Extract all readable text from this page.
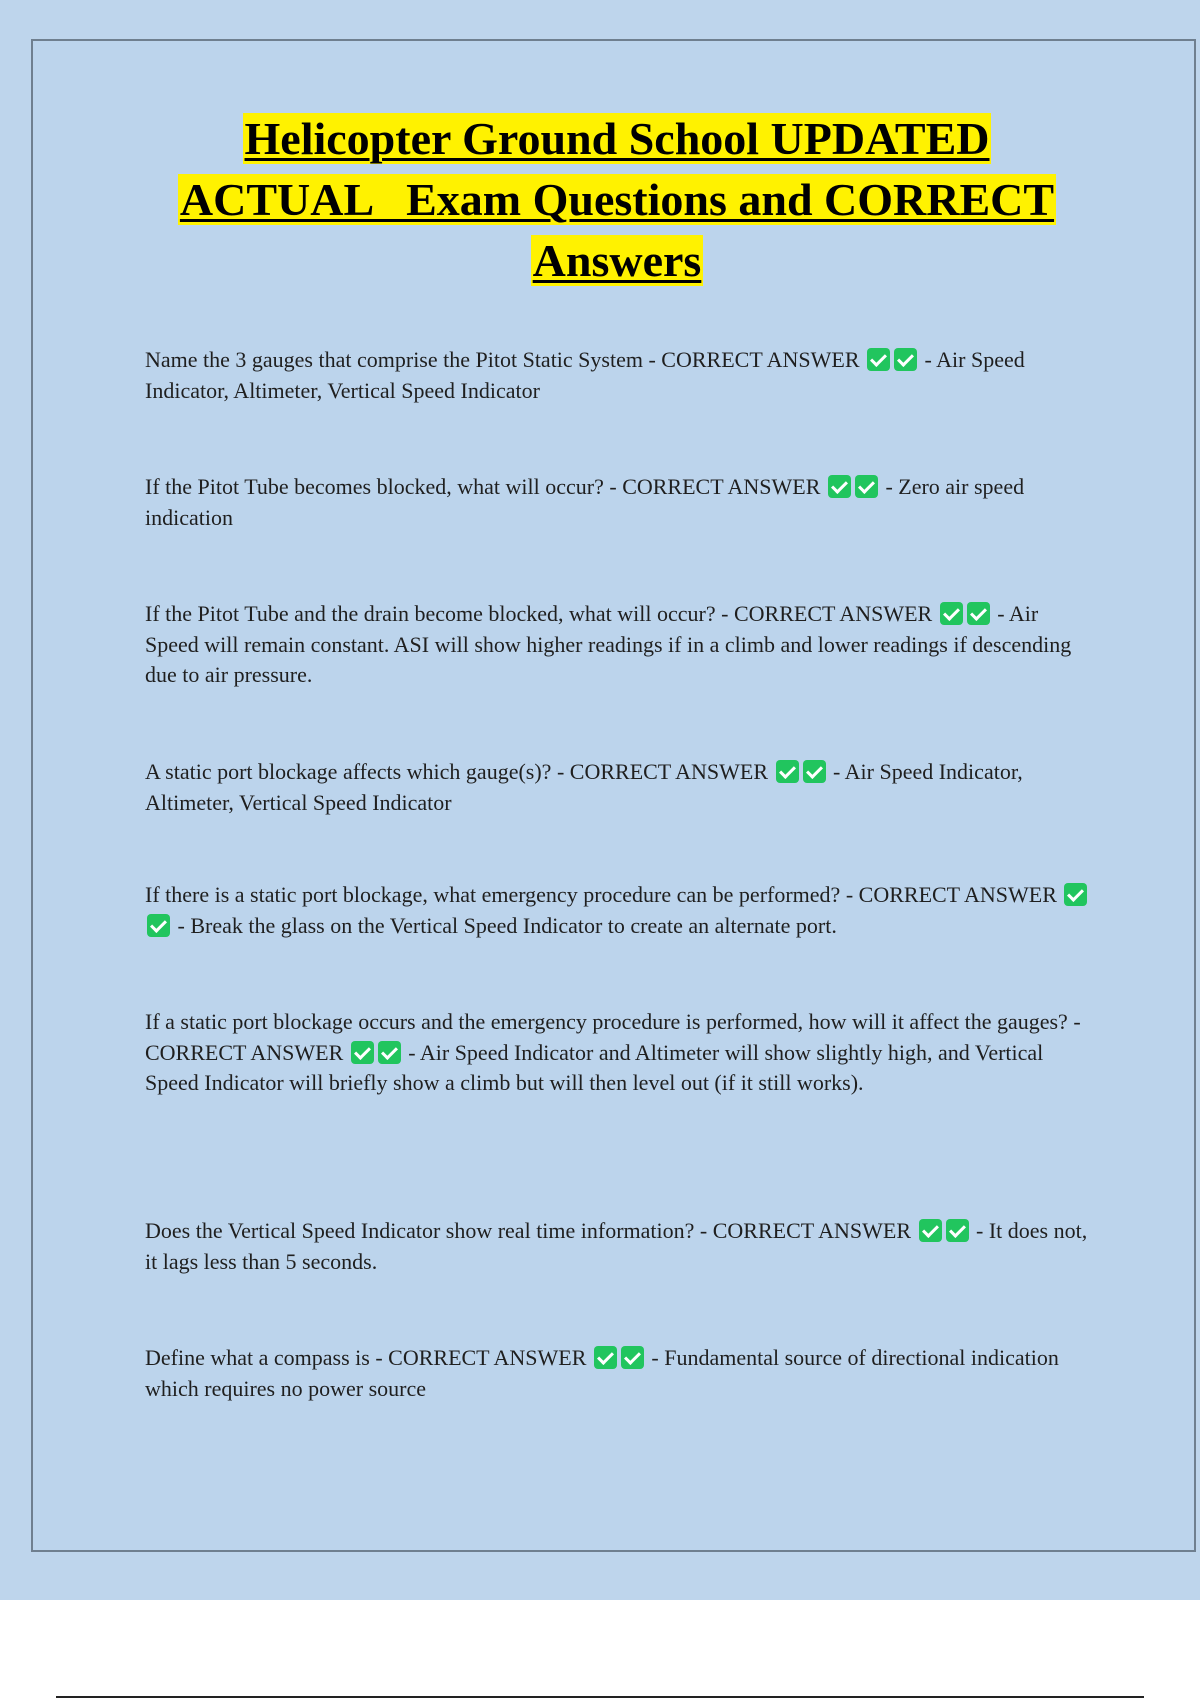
Helicopter Ground School UPDATED
ACTUAL   Exam Questions and CORRECT
Answers
Name the 3 gauges that comprise the Pitot Static System - CORRECT ANSWER	- Air Speed Indicator, Altimeter, Vertical Speed Indicator
If the Pitot Tube becomes blocked, what will occur? - CORRECT ANSWER	- Zero air speed indication
If the Pitot Tube and the drain become blocked, what will occur? - CORRECT ANSWER	- Air Speed will remain constant. ASI will show higher readings if in a climb and lower readings if descending due to air pressure.
A static port blockage affects which gauge(s)? - CORRECT ANSWER	- Air Speed Indicator, Altimeter, Vertical Speed Indicator
If there is a static port blockage, what emergency procedure can be performed? - CORRECT ANSWER  - Break the glass on the Vertical Speed Indicator to create an alternate port.
If a static port blockage occurs and the emergency procedure is performed, how will it affect the gauges? - CORRECT ANSWER	- Air Speed Indicator and Altimeter will show slightly high, and Vertical Speed Indicator will briefly show a climb but will then level out (if it still works).
Does the Vertical Speed Indicator show real time information? - CORRECT ANSWER	- It does not, it lags less than 5 seconds.
Define what a compass is - CORRECT ANSWER	- Fundamental source of directional indication which requires no power source
